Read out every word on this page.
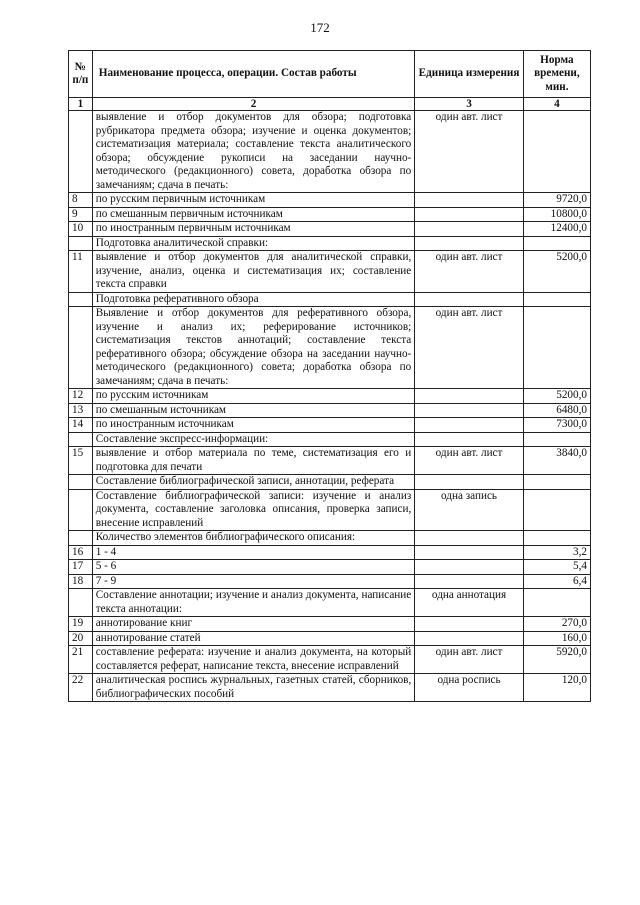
172
№ п/п	Наименование процесса, операции. Состав работы	Единица измерения	Норма времени, мин.
1	2	3	4
	выявление и отбор документов для обзора; подготовка рубрикатора предмета обзора; изучение и оценка документов; систематизация материала; составление текста аналитического обзора; обсуждение рукописи на заседании научно-методического (редакционного) совета, доработка обзора по замечаниям; сдача в печать:	один авт. лист	
8	по русским первичным источникам		9720,0
9	по смешанным первичным источникам		10800,0
10	по иностранным первичным источникам		12400,0
	Подготовка аналитической справки:		
11	выявление и отбор документов для аналитической справки, изучение, анализ, оценка и систематизация их; составление текста справки	один авт. лист	5200,0
	Подготовка реферативного обзора		
	Выявление и отбор документов для реферативного обзора, изучение и анализ их; реферирование источников; систематизация текстов аннотаций; составление текста реферативного обзора; обсуждение обзора на заседании научно-методического (редакционного) совета; доработка обзора по замечаниям; сдача в печать:	один авт. лист	
12	по русским источникам		5200,0
13	по смешанным источникам		6480,0
14	по иностранным источникам		7300,0
	Составление экспресс-информации:		
15	выявление и отбор материала по теме, систематизация его и подготовка для печати	один авт. лист	3840,0
	Составление библиографической записи, аннотации, реферата		
	Составление библиографической записи: изучение и анализ документа, составление заголовка описания, проверка записи, внесение исправлений	одна запись	
	Количество элементов библиографического описания:		
16	1 - 4		3,2
17	5 - 6		5,4
18	7 - 9		6,4
	Составление аннотации; изучение и анализ документа, написание текста аннотации:	одна аннотация	
19	аннотирование книг		270,0
20	аннотирование статей		160,0
21	составление реферата: изучение и анализ документа, на который составляется реферат, написание текста, внесение исправлений	один авт. лист	5920,0
22	аналитическая роспись журнальных, газетных статей, сборников, библиографических пособий	одна роспись	120,0
